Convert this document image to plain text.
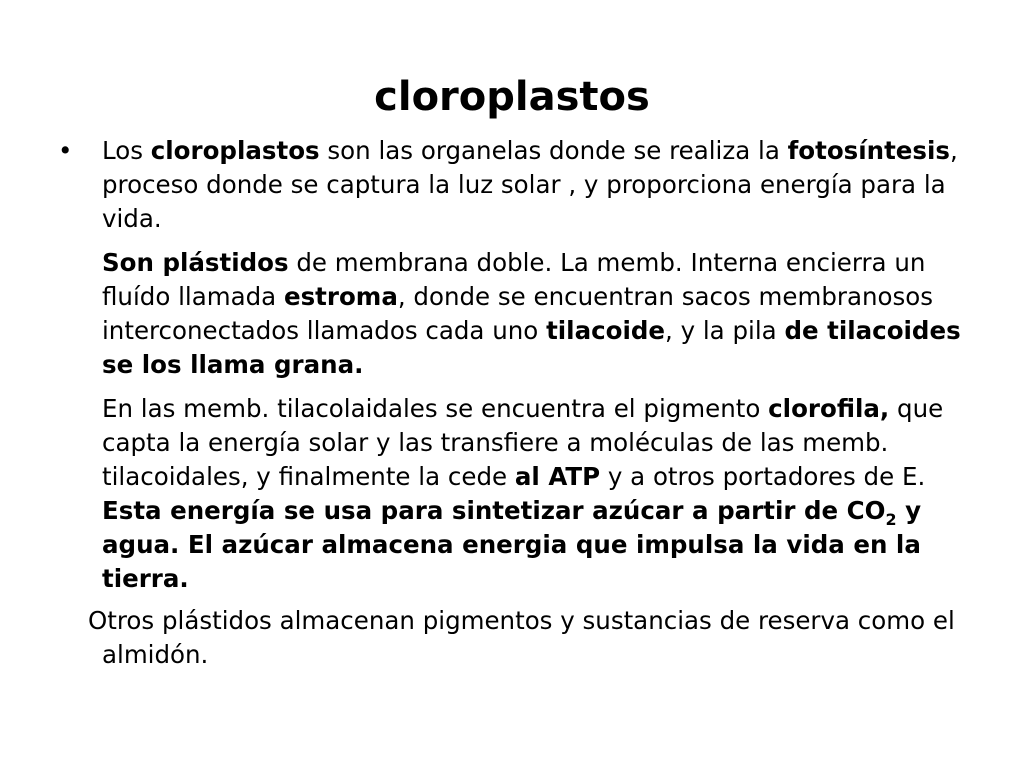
cloroplastos

• Los cloroplastos son las organelas donde se realiza la fotosíntesis, proceso donde se captura la luz solar , y proporciona energía para la vida.

Son plástidos de membrana doble. La memb. Interna encierra un fluído llamada estroma, donde se encuentran sacos membranosos interconectados llamados cada uno tilacoide, y la pila de tilacoides se los llama grana.

En las memb. tilacolaidales se encuentra el pigmento clorofila, que capta la energía solar y las transfiere a moléculas de las memb. tilacoidales, y finalmente la cede al ATP y a otros portadores de E. Esta energía se usa para sintetizar azúcar a partir de $CO_2$ y agua. El azúcar almacena energia que impulsa la vida en la tierra.

Otros plástidos almacenan pigmentos y sustancias de reserva como el almidón.
